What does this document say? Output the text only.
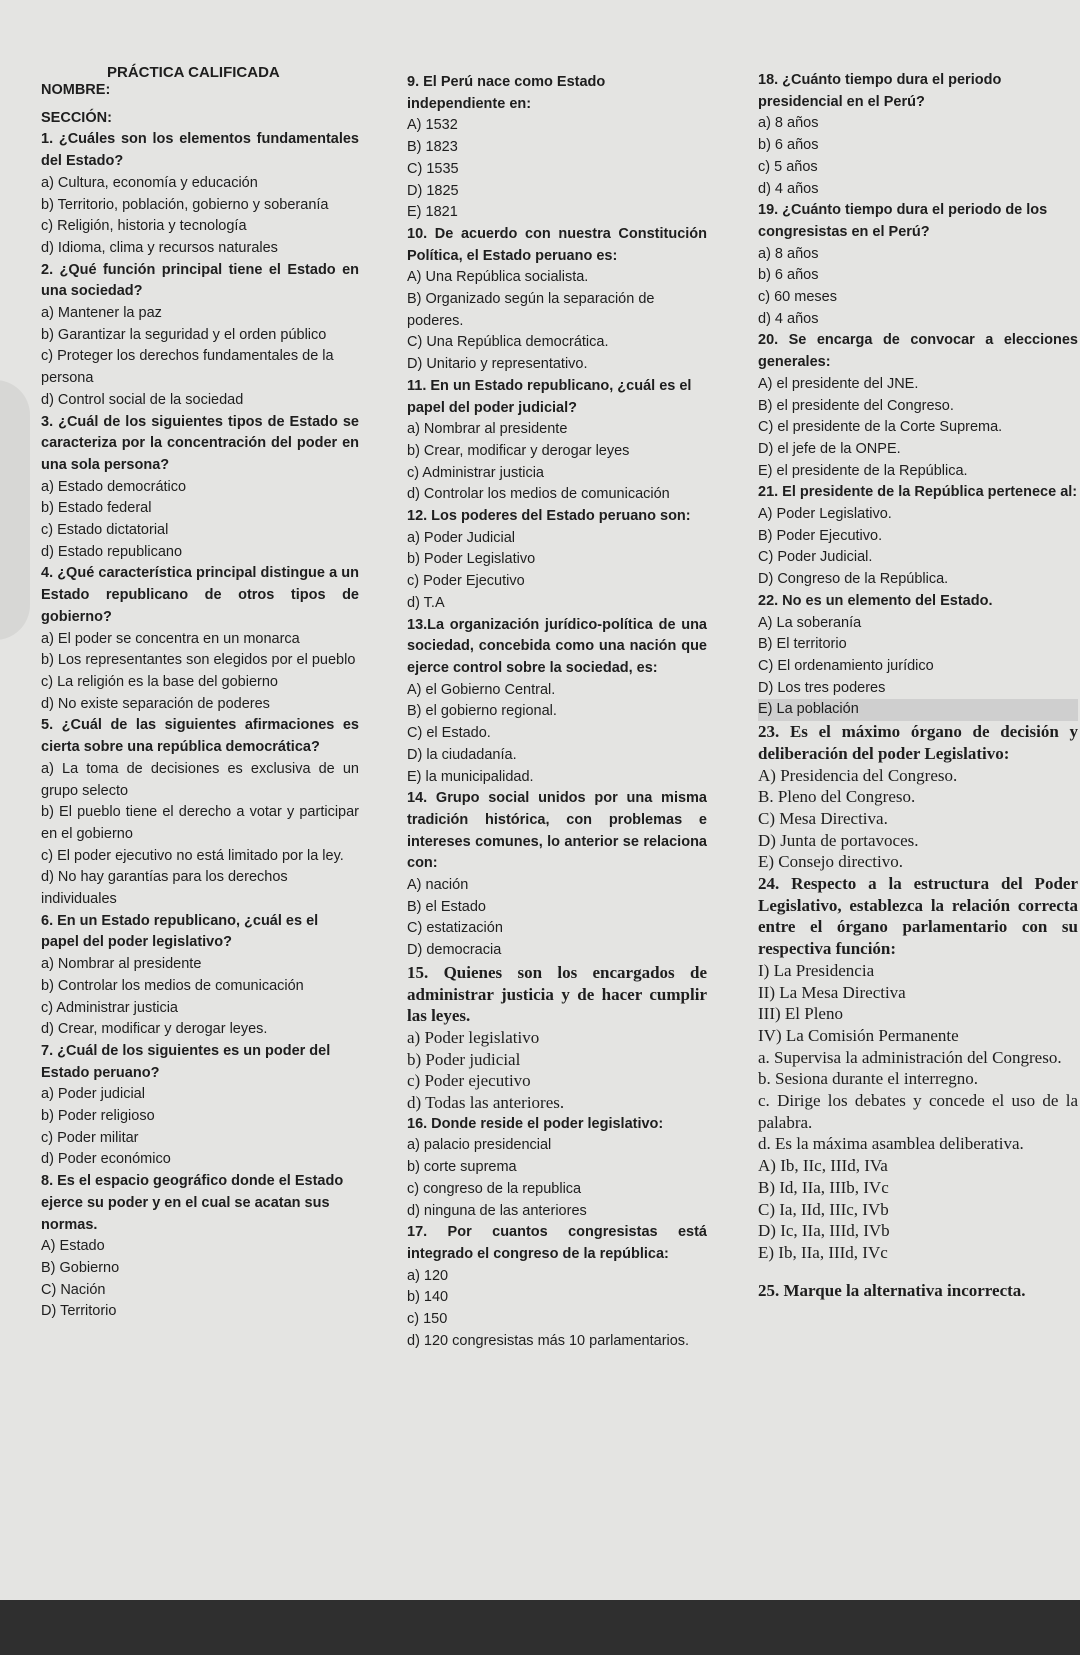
PRÁCTICA CALIFICADA

NOMBRE:

SECCIÓN:

1. ¿Cuáles son los elementos fundamentales del Estado?

a) Cultura, economía y educación

b) Territorio, población, gobierno y soberanía

c) Religión, historia y tecnología

d) Idioma, clima y recursos naturales

2. ¿Qué función principal tiene el Estado en una sociedad?

a) Mantener la paz

b) Garantizar la seguridad y el orden público

c) Proteger los derechos fundamentales de la persona

d) Control social de la sociedad

3. ¿Cuál de los siguientes tipos de Estado se caracteriza por la concentración del poder en una sola persona?

a) Estado democrático

b) Estado federal

c) Estado dictatorial

d) Estado republicano

4. ¿Qué característica principal distingue a un Estado republicano de otros tipos de gobierno?

a) El poder se concentra en un monarca

b) Los representantes son elegidos por el pueblo

c) La religión es la base del gobierno

d) No existe separación de poderes

5. ¿Cuál de las siguientes afirmaciones es cierta sobre una república democrática?

a) La toma de decisiones es exclusiva de un grupo selecto

b) El pueblo tiene el derecho a votar y participar en el gobierno

c) El poder ejecutivo no está limitado por la ley.

d) No hay garantías para los derechos individuales

6. En un Estado republicano, ¿cuál es el papel del poder legislativo?

a) Nombrar al presidente

b) Controlar los medios de comunicación

c) Administrar justicia

d) Crear, modificar y derogar leyes.

7. ¿Cuál de los siguientes es un poder del Estado peruano?

a) Poder judicial

b) Poder religioso

c) Poder militar

d) Poder económico

8. Es el espacio geográfico donde el Estado ejerce su poder y en el cual se acatan sus normas.

A) Estado

B) Gobierno

C) Nación

D) Territorio

9. El Perú nace como Estado independiente en:

A) 1532

B) 1823

C) 1535

D) 1825

E) 1821

10. De acuerdo con nuestra Constitución Política, el Estado peruano es:

A) Una República socialista.

B) Organizado según la separación de poderes.

C) Una República democrática.

D) Unitario y representativo.

11. En un Estado republicano, ¿cuál es el papel del poder judicial?

a) Nombrar al presidente

b) Crear, modificar y derogar leyes

c) Administrar justicia

d) Controlar los medios de comunicación

12. Los poderes del Estado peruano son:

a) Poder Judicial

b) Poder Legislativo

c) Poder Ejecutivo

d) T.A

13.La organización jurídico-política de una sociedad, concebida como una nación que ejerce control sobre la sociedad, es:

A) el Gobierno Central.

B) el gobierno regional.

C) el Estado.

D) la ciudadanía.

E) la municipalidad.

14. Grupo social unidos por una misma tradición histórica, con problemas e intereses comunes, lo anterior se relaciona con:

A) nación

B) el Estado

C) estatización

D) democracia

15. Quienes son los encargados de administrar justicia y de hacer cumplir las leyes.

a) Poder legislativo

b) Poder judicial

c) Poder ejecutivo

d) Todas las anteriores.

16. Donde reside el poder legislativo:

a) palacio presidencial

b) corte suprema

c) congreso de la republica

d) ninguna de las anteriores

17. Por cuantos congresistas está integrado el congreso de la república:

a) 120

b) 140

c) 150

d) 120 congresistas más 10 parlamentarios.

18. ¿Cuánto tiempo dura el periodo presidencial en el Perú?

a) 8 años

b) 6 años

c) 5 años

d) 4 años

19. ¿Cuánto tiempo dura el periodo de los congresistas en el Perú?

a) 8 años

b) 6 años

c) 60 meses

d) 4 años

20. Se encarga de convocar a elecciones generales:

A) el presidente del JNE.

B) el presidente del Congreso.

C) el presidente de la Corte Suprema.

D) el jefe de la ONPE.

E) el presidente de la República.

21. El presidente de la República pertenece al:

A) Poder Legislativo.

B) Poder Ejecutivo.

C) Poder Judicial.

D) Congreso de la República.

22. No es un elemento del Estado.

A) La soberanía

B) El territorio

C) El ordenamiento jurídico

D) Los tres poderes

E) La población

23. Es el máximo órgano de decisión y deliberación del poder Legislativo:

A) Presidencia del Congreso.

B. Pleno del Congreso.

C) Mesa Directiva.

D) Junta de portavoces.

E) Consejo directivo.

24. Respecto a la estructura del Poder Legislativo, establezca la relación correcta entre el órgano parlamentario con su respectiva función:

I) La Presidencia

II) La Mesa Directiva

III) El Pleno

IV) La Comisión Permanente

a. Supervisa la administración del Congreso.

b. Sesiona durante el interregno.

c. Dirige los debates y concede el uso de la palabra.

d. Es la máxima asamblea deliberativa.

A) Ib, IIc, IIId, IVa

B) Id, IIa, IIIb, IVc

C) Ia, IId, IIIc, IVb

D) Ic, IIa, IIId, IVb

E) Ib, IIa, IIId, IVc

25. Marque la alternativa incorrecta.
